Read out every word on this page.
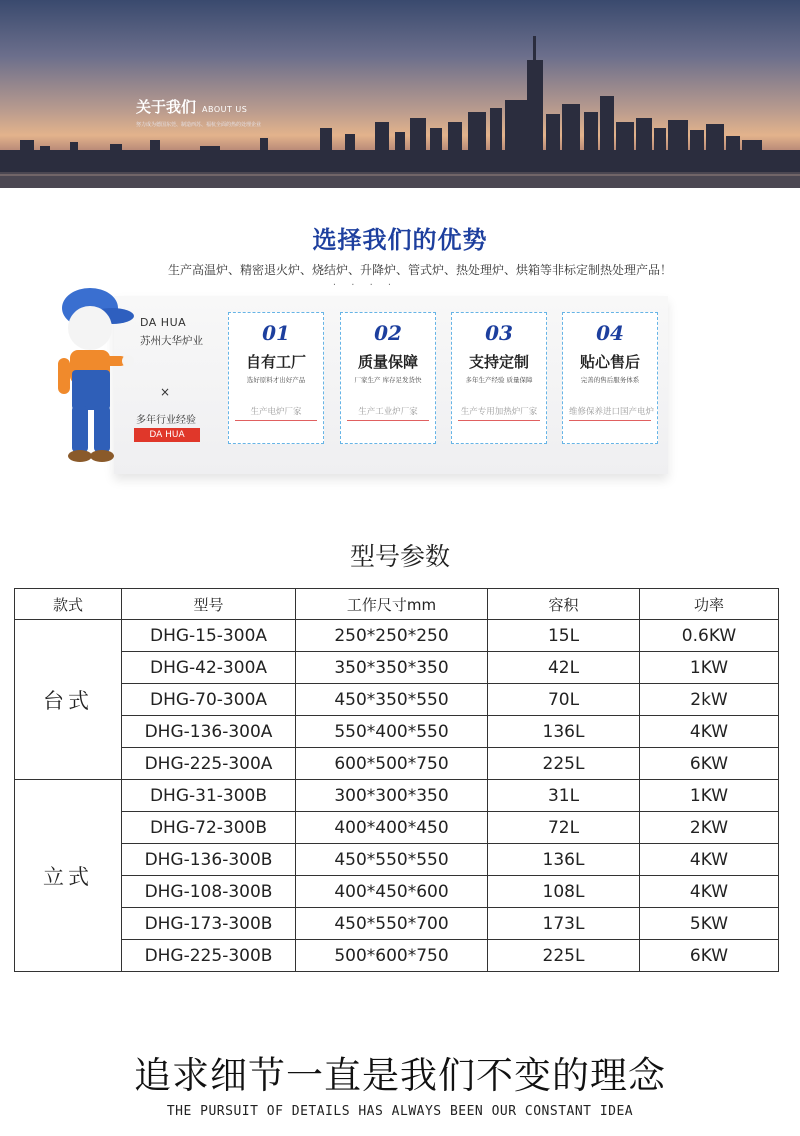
关于我们 ABOUT US
努力成为德国东莞、制造西苏、福杭全面的热的处理企业
选择我们的优势
生产高温炉、精密退火炉、烧结炉、升降炉、管式炉、热处理炉、烘箱等非标定制热处理产品！
· · · ·
DA HUA
苏州大华炉业
×
多年行业经验
DA HUA
01
自有工厂
选好原料才出好产品
生产电炉厂家
02
质量保障
厂家生产 库存足发货快
生产工业炉厂家
03
支持定制
多年生产经验 质量保障
生产专用加热炉厂家
04
贴心售后
完善的售后服务体系
维修保养进口国产电炉
型号参数
款式	型号	工作尺寸mm	容积	功率
台式	DHG-15-300A	250*250*250	15L	0.6KW
	DHG-42-300A	350*350*350	42L	1KW
	DHG-70-300A	450*350*550	70L	2kW
	DHG-136-300A	550*400*550	136L	4KW
	DHG-225-300A	600*500*750	225L	6KW
立式	DHG-31-300B	300*300*350	31L	1KW
	DHG-72-300B	400*400*450	72L	2KW
	DHG-136-300B	450*550*550	136L	4KW
	DHG-108-300B	400*450*600	108L	4KW
	DHG-173-300B	450*550*700	173L	5KW
	DHG-225-300B	500*600*750	225L	6KW
追求细节一直是我们不变的理念
THE PURSUIT OF DETAILS HAS ALWAYS BEEN OUR CONSTANT IDEA
